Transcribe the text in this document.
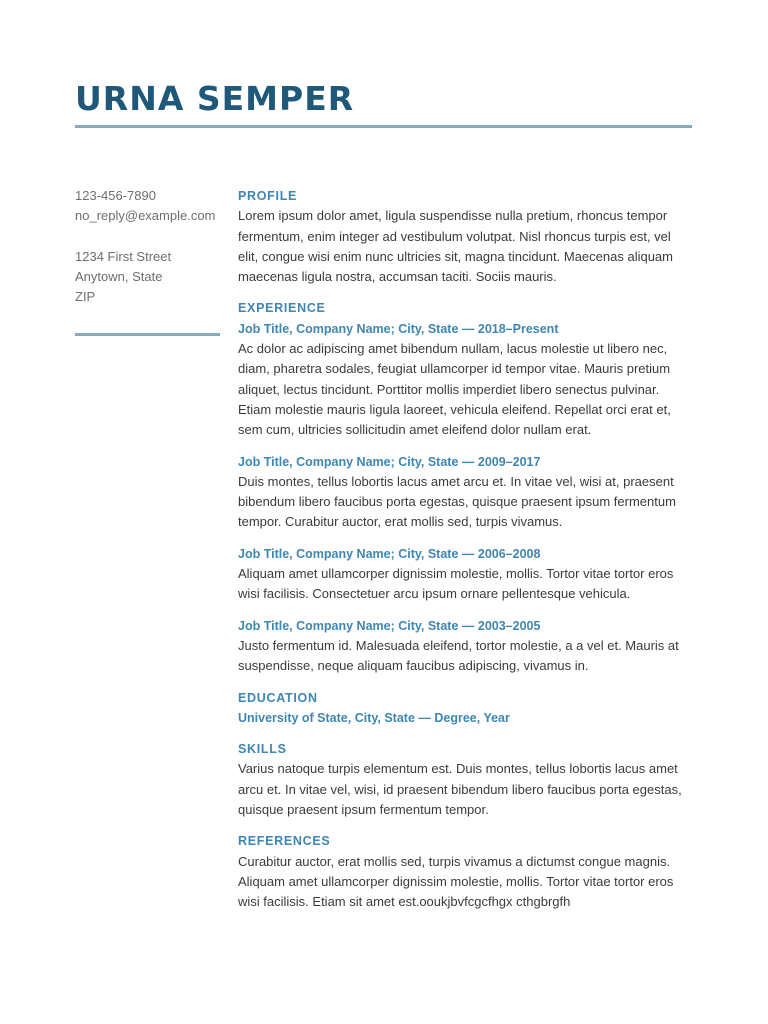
URNA SEMPER
123-456-7890
no_reply@example.com
1234 First Street
Anytown, State
ZIP
PROFILE

Lorem ipsum dolor amet, ligula suspendisse nulla pretium, rhoncus tempor fermentum, enim integer ad vestibulum volutpat. Nisl rhoncus turpis est, vel elit, congue wisi enim nunc ultricies sit, magna tincidunt. Maecenas aliquam maecenas ligula nostra, accumsan taciti. Sociis mauris.

EXPERIENCE
Job Title, Company Name; City, State — 2018–Present

Ac dolor ac adipiscing amet bibendum nullam, lacus molestie ut libero nec, diam, pharetra sodales, feugiat ullamcorper id tempor vitae. Mauris pretium aliquet, lectus tincidunt. Porttitor mollis imperdiet libero senectus pulvinar. Etiam molestie mauris ligula laoreet, vehicula eleifend. Repellat orci erat et, sem cum, ultricies sollicitudin amet eleifend dolor nullam erat.

Job Title, Company Name; City, State — 2009–2017

Duis montes, tellus lobortis lacus amet arcu et. In vitae vel, wisi at, praesent bibendum libero faucibus porta egestas, quisque praesent ipsum fermentum tempor. Curabitur auctor, erat mollis sed, turpis vivamus.

Job Title, Company Name; City, State — 2006–2008

Aliquam amet ullamcorper dignissim molestie, mollis. Tortor vitae tortor eros wisi facilisis. Consectetuer arcu ipsum ornare pellentesque vehicula.

Job Title, Company Name; City, State — 2003–2005

Justo fermentum id. Malesuada eleifend, tortor molestie, a a vel et. Mauris at suspendisse, neque aliquam faucibus adipiscing, vivamus in.

EDUCATION
University of State, City, State — Degree, Year
SKILLS

Varius natoque turpis elementum est. Duis montes, tellus lobortis lacus amet arcu et. In vitae vel, wisi, id praesent bibendum libero faucibus porta egestas, quisque praesent ipsum fermentum tempor.

REFERENCES

Curabitur auctor, erat mollis sed, turpis vivamus a dictumst congue magnis. Aliquam amet ullamcorper dignissim molestie, mollis. Tortor vitae tortor eros wisi facilisis. Etiam sit amet est.ooukjbvfcgcfhgx cthgbrgfh
